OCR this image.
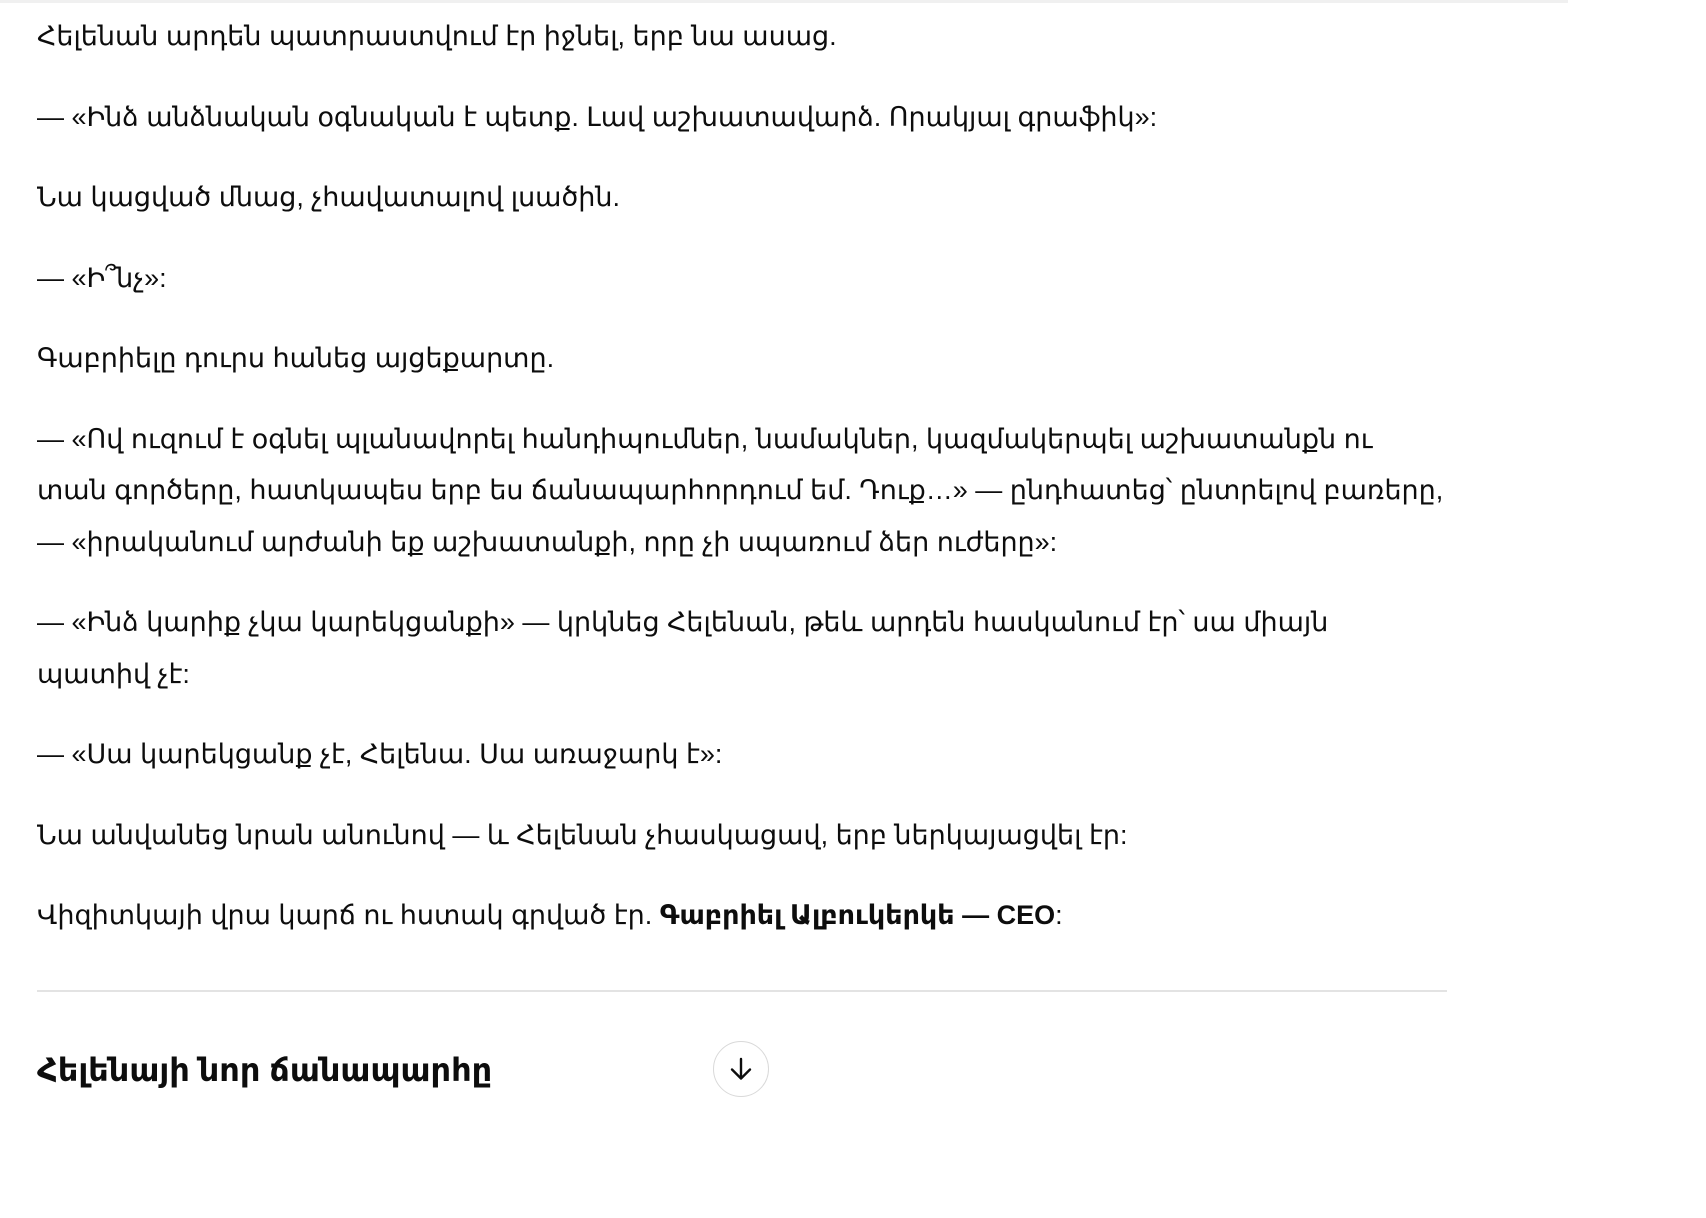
Հելենան արդեն պատրաստվում էր իջնել, երբ նա ասաց.

— «Ինձ անձնական օգնական է պետք. Լավ աշխատավարձ. Որակյալ գրաֆիկ»:

Նա կացված մնաց, չհավատալով լսածին.

— «Ի՞նչ»:

Գաբրիելը դուրս հանեց այցեքարտը.

— «Ով ուզում է օգնել պլանավորել հանդիպումներ, նամակներ, կազմակերպել աշխատանքն ու տան գործերը, հատկապես երբ ես ճանապարհորդում եմ. Դուք…» — ընդհատեց՝ ընտրելով բառերը, — «իրականում արժանի եք աշխատանքի, որը չի սպառում ձեր ուժերը»:

— «Ինձ կարիք չկա կարեկցանքի» — կրկնեց Հելենան, թեև արդեն հասկանում էր՝ սա միայն պատիվ չէ:

— «Սա կարեկցանք չէ, Հելենա. Սա առաջարկ է»:

Նա անվանեց նրան անունով — և Հելենան չհասկացավ, երբ ներկայացվել էր:

Վիզիտկայի վրա կարճ ու հստակ գրված էր. Գաբրիել Ալբուկերկե — CEO:

Հելենայի նոր ճանապարհը
